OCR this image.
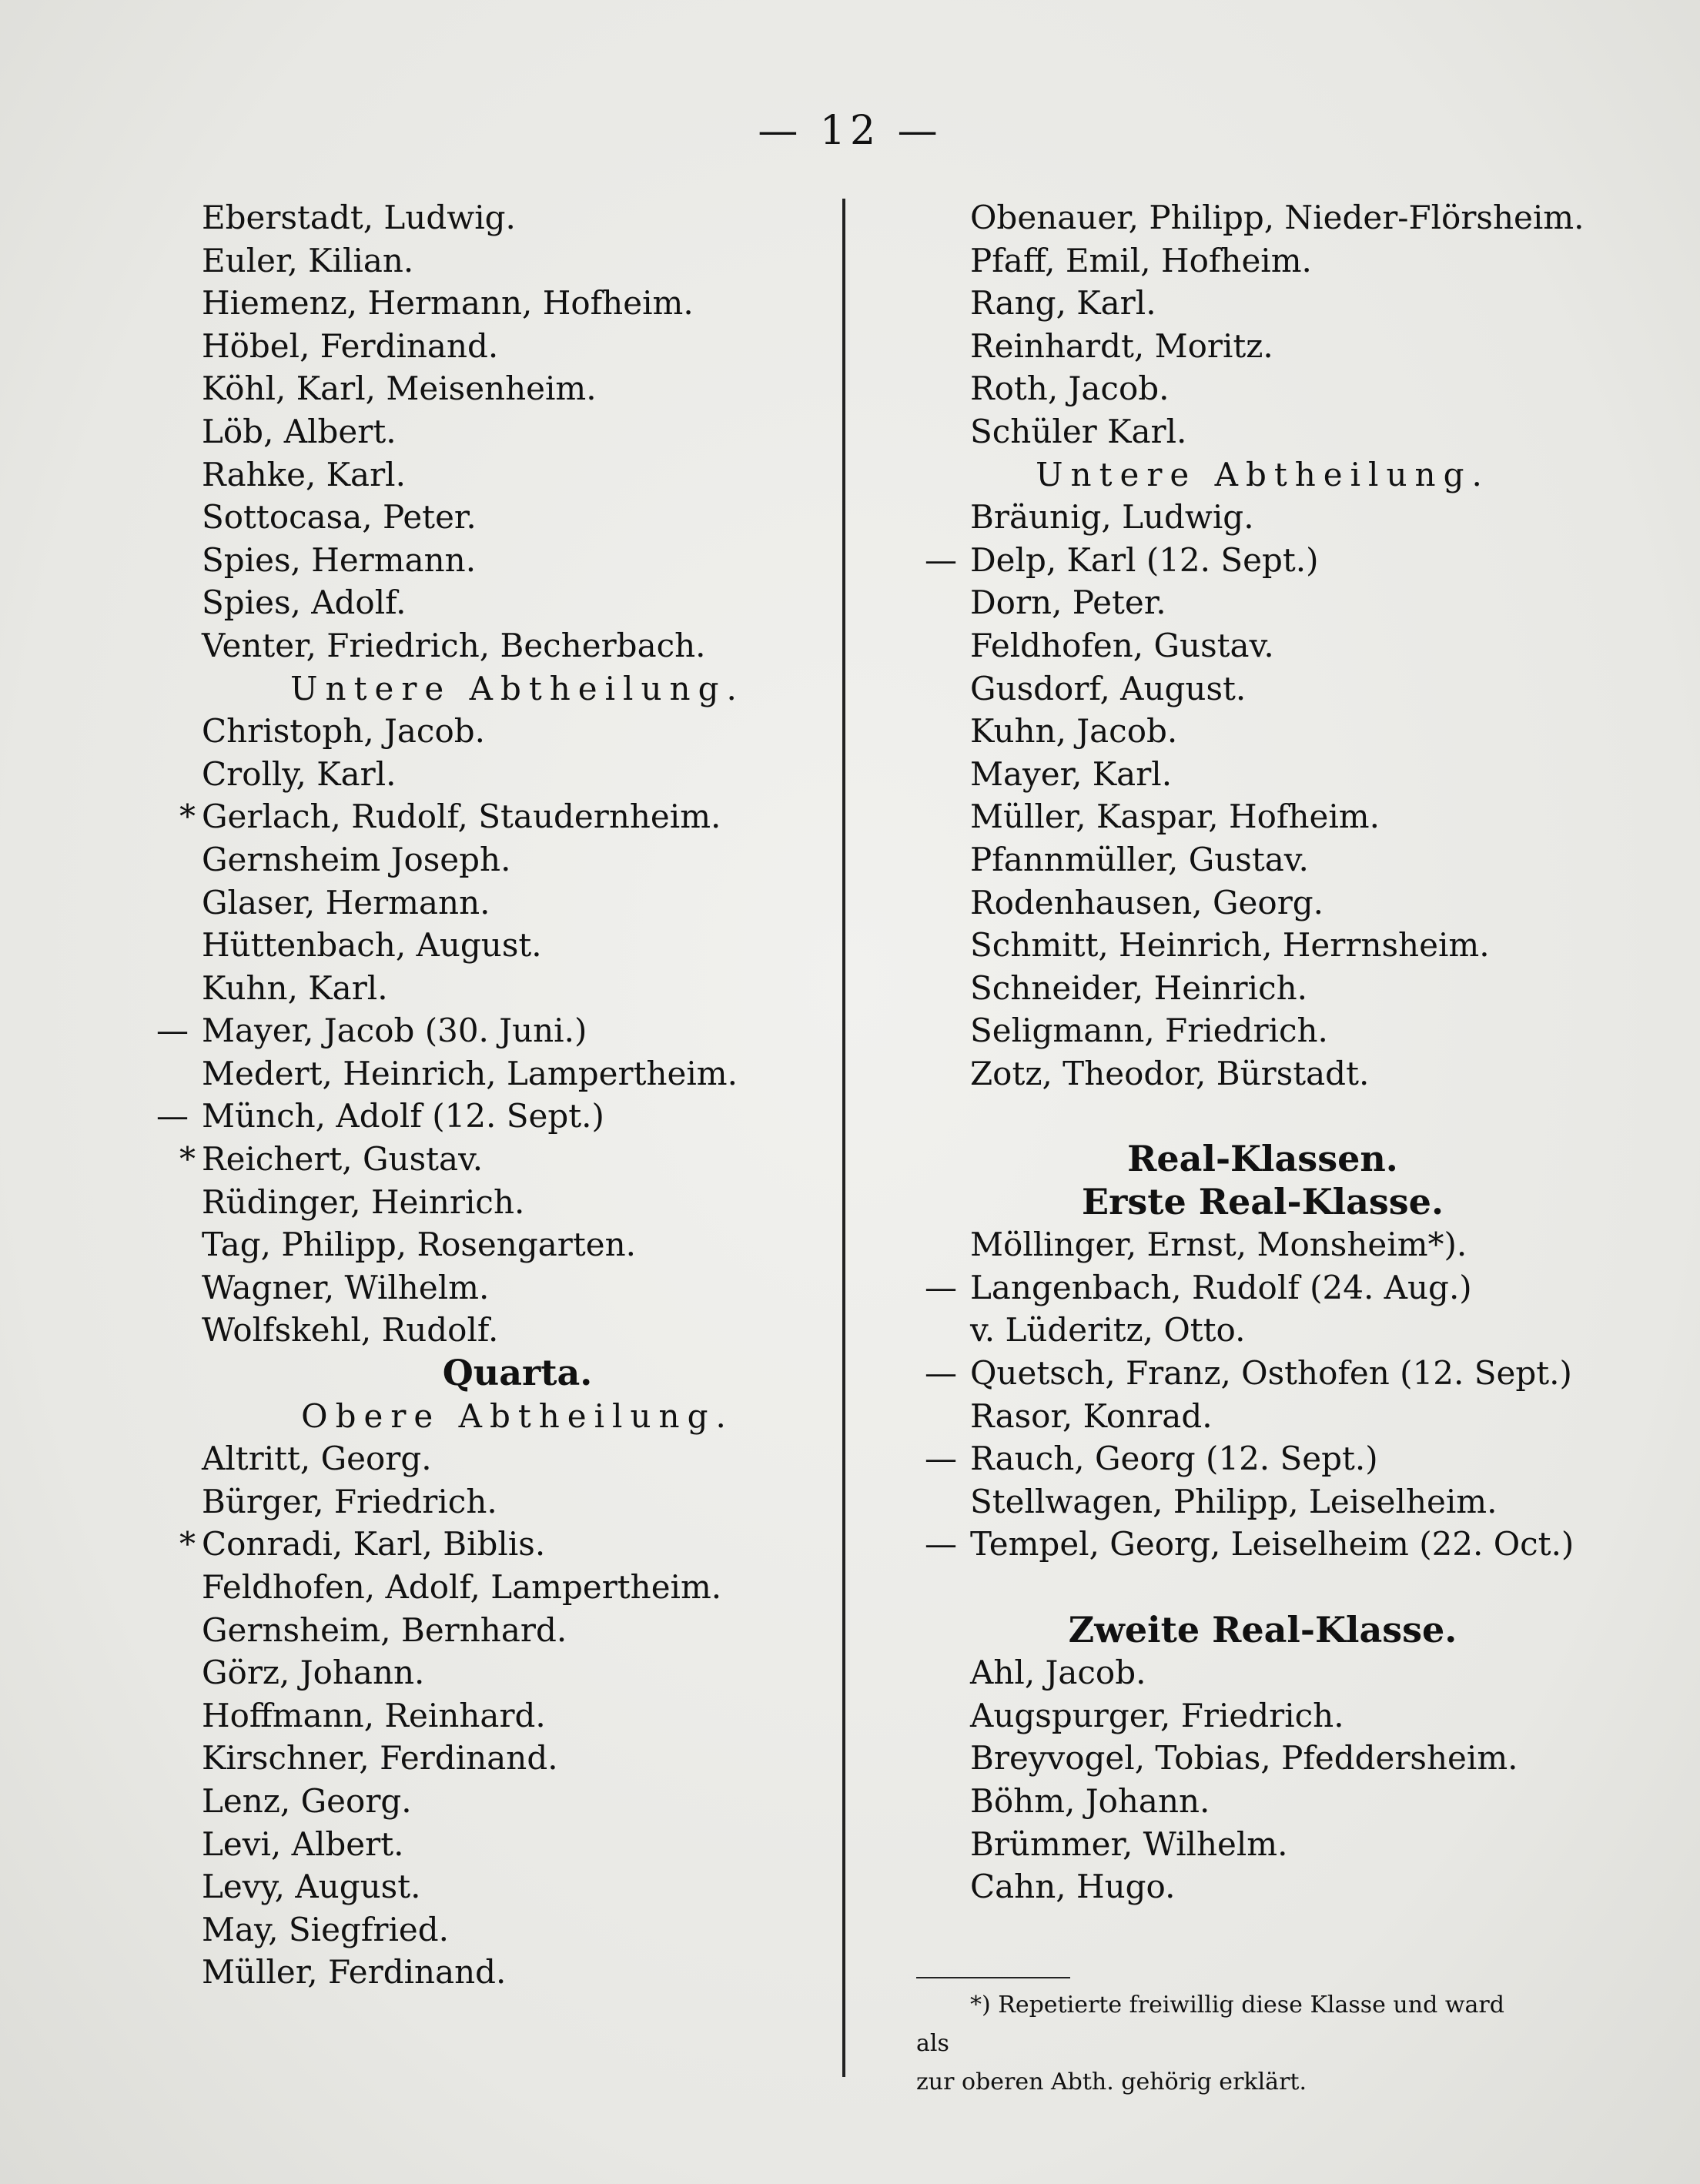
— 12 —
Eberstadt, Ludwig.
Euler, Kilian.
Hiemenz, Hermann, Hofheim.
Höbel, Ferdinand.
Köhl, Karl, Meisenheim.
Löb, Albert.
Rahke, Karl.
Sottocasa, Peter.
Spies, Hermann.
Spies, Adolf.
Venter, Friedrich, Becherbach.
Untere Abtheilung.
Christoph, Jacob.
Crolly, Karl.
* Gerlach, Rudolf, Staudernheim.
Gernsheim Joseph.
Glaser, Hermann.
Hüttenbach, August.
Kuhn, Karl.
— Mayer, Jacob (30. Juni.)
Medert, Heinrich, Lampertheim.
— Münch, Adolf (12. Sept.)
* Reichert, Gustav.
Rüdinger, Heinrich.
Tag, Philipp, Rosengarten.
Wagner, Wilhelm.
Wolfskehl, Rudolf.
Quarta.
Obere Abtheilung.
Altritt, Georg.
Bürger, Friedrich.
* Conradi, Karl, Biblis.
Feldhofen, Adolf, Lampertheim.
Gernsheim, Bernhard.
Görz, Johann.
Hoffmann, Reinhard.
Kirschner, Ferdinand.
Lenz, Georg.
Levi, Albert.
Levy, August.
May, Siegfried.
Müller, Ferdinand.
Obenauer, Philipp, Nieder-Flörsheim.
Pfaff, Emil, Hofheim.
Rang, Karl.
Reinhardt, Moritz.
Roth, Jacob.
Schüler Karl.
Untere Abtheilung.
Bräunig, Ludwig.
— Delp, Karl (12. Sept.)
Dorn, Peter.
Feldhofen, Gustav.
Gusdorf, August.
Kuhn, Jacob.
Mayer, Karl.
Müller, Kaspar, Hofheim.
Pfannmüller, Gustav.
Rodenhausen, Georg.
Schmitt, Heinrich, Herrnsheim.
Schneider, Heinrich.
Seligmann, Friedrich.
Zotz, Theodor, Bürstadt.
Real-Klassen.
Erste Real-Klasse.
Möllinger, Ernst, Monsheim*).
— Langenbach, Rudolf (24. Aug.)
v. Lüderitz, Otto.
— Quetsch, Franz, Osthofen (12. Sept.)
Rasor, Konrad.
— Rauch, Georg (12. Sept.)
Stellwagen, Philipp, Leiselheim.
— Tempel, Georg, Leiselheim (22. Oct.)
Zweite Real-Klasse.
Ahl, Jacob.
Augspurger, Friedrich.
Breyvogel, Tobias, Pfeddersheim.
Böhm, Johann.
Brümmer, Wilhelm.
Cahn, Hugo.
*) Repetierte freiwillig diese Klasse und ward als
zur oberen Abth. gehörig erklärt.
